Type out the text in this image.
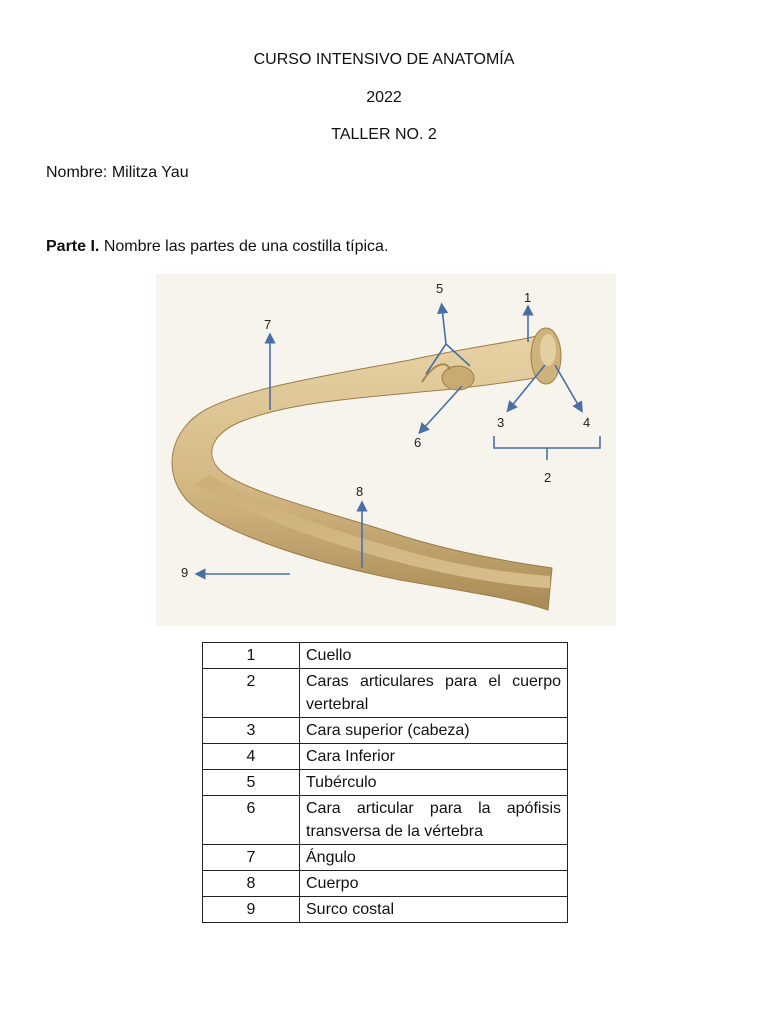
CURSO INTENSIVO DE ANATOMÍA
2022
TALLER NO. 2
Nombre: Militza Yau
Parte I. Nombre las partes de una costilla típica.
1
2
3	4
5
6
7
8
9
1	Cuello
2	Caras articulares para el cuerpo vertebral
3	Cara superior (cabeza)
4	Cara Inferior
5	Tubérculo
6	Cara articular para la apófisis transversa de la vértebra
7	Ángulo
8	Cuerpo
9	Surco costal
